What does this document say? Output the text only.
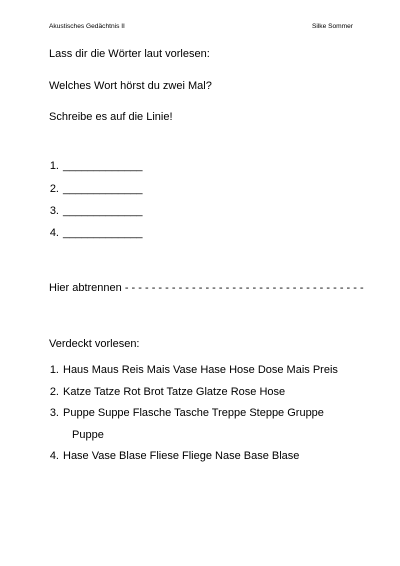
Akustisches Gedächtnis II	Silke Sommer
Lass dir die Wörter laut vorlesen:
Welches Wort hörst du zwei Mal?
Schreibe es auf die Linie!
1. _____________
2. _____________
3. _____________
4. _____________
Hier abtrennen - - - - - - - - - - - - - - - - - - - - - - - - - - - - - - - - - - - -
Verdeckt vorlesen:
1. Haus Maus Reis Mais Vase Hase Hose Dose Mais Preis
2. Katze Tatze Rot Brot Tatze Glatze Rose Hose
3. Puppe Suppe Flasche Tasche Treppe Steppe Gruppe
Puppe
4. Hase Vase Blase Fliese Fliege Nase Base Blase
